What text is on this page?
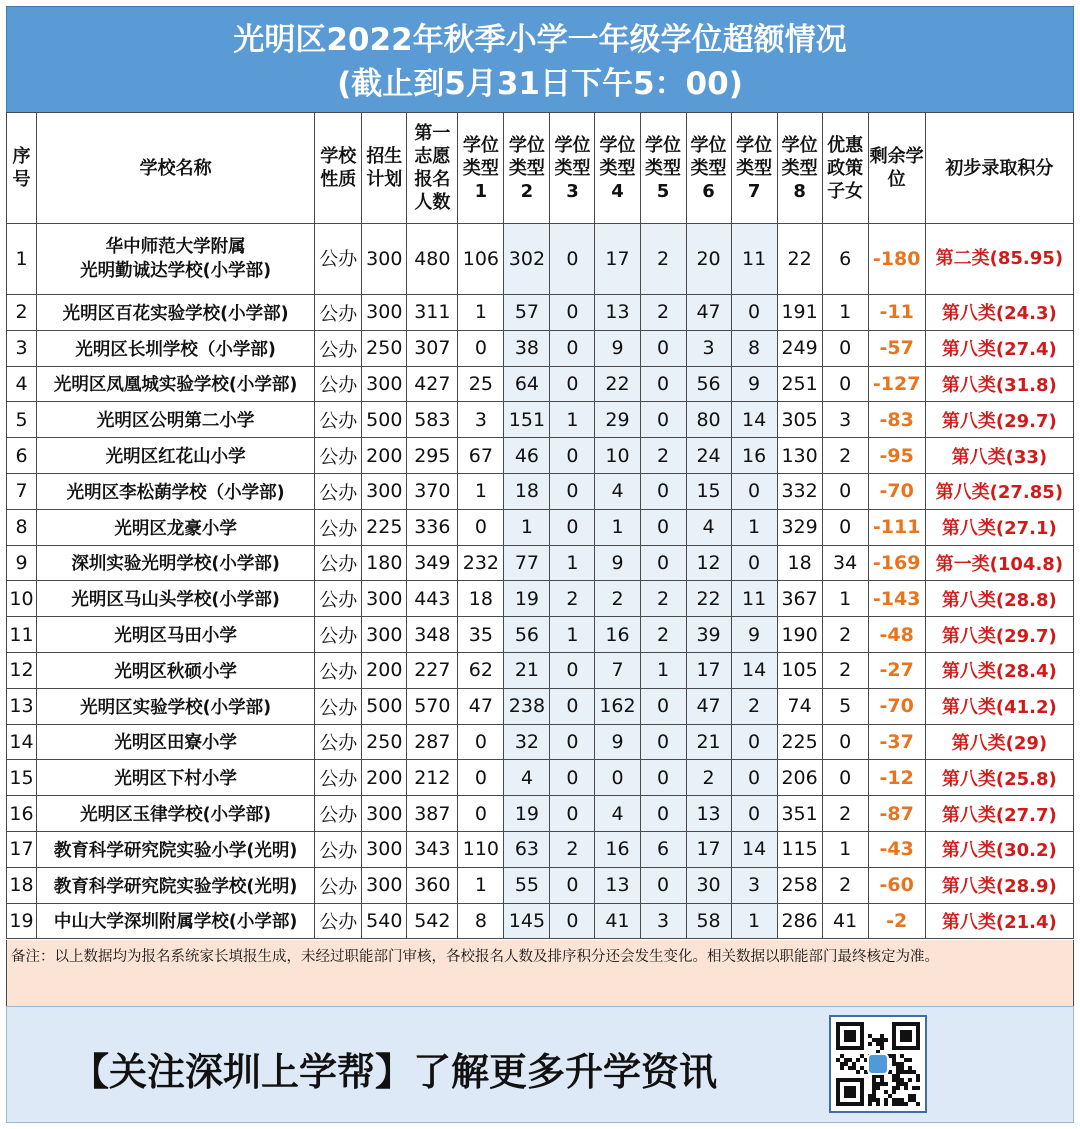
光明区2022年秋季小学一年级学位超额情况
(截止到5月31日下午5：00)
序号	学校名称	学校性质	招生计划	第一志愿报名人数	学位类型1	学位类型2	学位类型3	学位类型4	学位类型5	学位类型6	学位类型7	学位类型8	优惠政策子女	剩余学位	初步录取积分
1	华中师范大学附属
光明勤诚达学校(小学部)	公办	300	480	106	302	0	17	2	20	11	22	6	-180	第二类(85.95)
2	光明区百花实验学校(小学部)	公办	300	311	1	57	0	13	2	47	0	191	1	-11	第八类(24.3)
3	光明区长圳学校（小学部)	公办	250	307	0	38	0	9	0	3	8	249	0	-57	第八类(27.4)
4	光明区凤凰城实验学校(小学部)	公办	300	427	25	64	0	22	0	56	9	251	0	-127	第八类(31.8)
5	光明区公明第二小学	公办	500	583	3	151	1	29	0	80	14	305	3	-83	第八类(29.7)
6	光明区红花山小学	公办	200	295	67	46	0	10	2	24	16	130	2	-95	第八类(33)
7	光明区李松蓢学校（小学部)	公办	300	370	1	18	0	4	0	15	0	332	0	-70	第八类(27.85)
8	光明区龙豪小学	公办	225	336	0	1	0	1	0	4	1	329	0	-111	第八类(27.1)
9	深圳实验光明学校(小学部)	公办	180	349	232	77	1	9	0	12	0	18	34	-169	第一类(104.8)
10	光明区马山头学校(小学部)	公办	300	443	18	19	2	2	2	22	11	367	1	-143	第八类(28.8)
11	光明区马田小学	公办	300	348	35	56	1	16	2	39	9	190	2	-48	第八类(29.7)
12	光明区秋硕小学	公办	200	227	62	21	0	7	1	17	14	105	2	-27	第八类(28.4)
13	光明区实验学校(小学部)	公办	500	570	47	238	0	162	0	47	2	74	5	-70	第八类(41.2)
14	光明区田寮小学	公办	250	287	0	32	0	9	0	21	0	225	0	-37	第八类(29)
15	光明区下村小学	公办	200	212	0	4	0	0	0	2	0	206	0	-12	第八类(25.8)
16	光明区玉律学校(小学部)	公办	300	387	0	19	0	4	0	13	0	351	2	-87	第八类(27.7)
17	教育科学研究院实验小学(光明)	公办	300	343	110	63	2	16	6	17	14	115	1	-43	第八类(30.2)
18	教育科学研究院实验学校(光明)	公办	300	360	1	55	0	13	0	30	3	258	2	-60	第八类(28.9)
19	中山大学深圳附属学校(小学部)	公办	540	542	8	145	0	41	3	58	1	286	41	-2	第八类(21.4)
备注：以上数据均为报名系统家长填报生成，未经过职能部门审核，各校报名人数及排序积分还会发生变化。相关数据以职能部门最终核定为准。
【关注深圳上学帮】了解更多升学资讯
